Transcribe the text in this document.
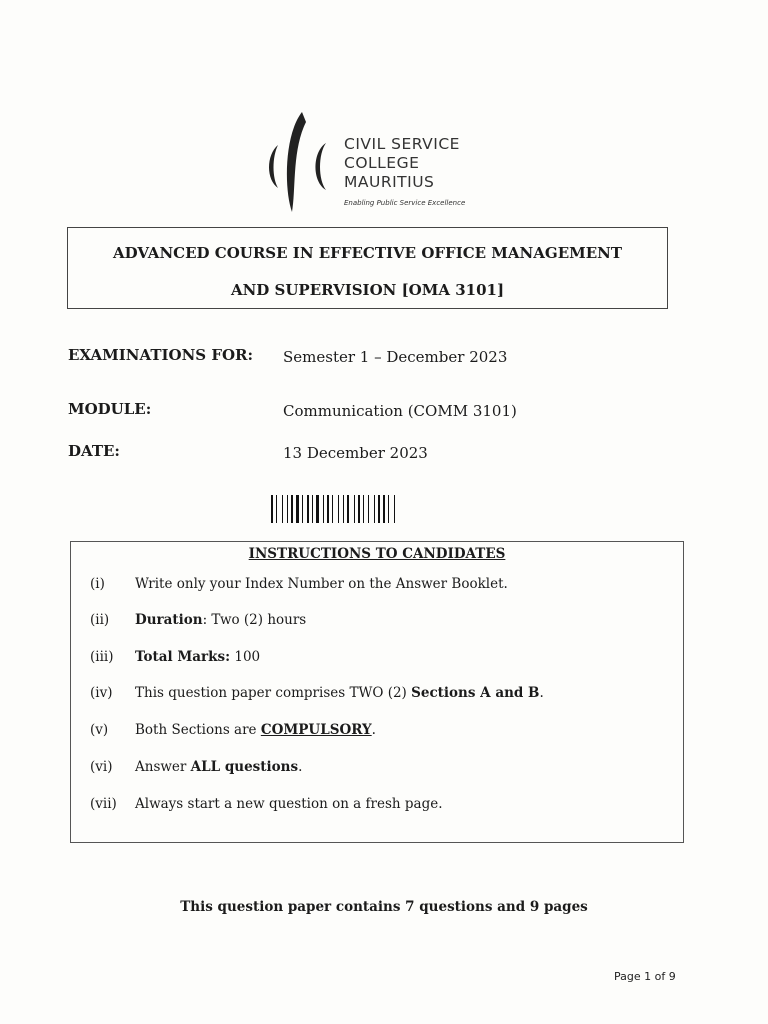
CIVIL SERVICE
COLLEGE
MAURITIUS
Enabling Public Service Excellence
ADVANCED COURSE IN EFFECTIVE OFFICE MANAGEMENT
AND SUPERVISION [OMA 3101]
EXAMINATIONS FOR: Semester 1 – December 2023
MODULE:	Communication (COMM 3101)
DATE:	13 December 2023
INSTRUCTIONS TO CANDIDATES
(i) Write only your Index Number on the Answer Booklet.
(ii) Duration: Two (2) hours
(iii) Total Marks: 100
(iv) This question paper comprises TWO (2) Sections A and B.
(v) Both Sections are COMPULSORY.
(vi) Answer ALL questions.
(vii) Always start a new question on a fresh page.
This question paper contains 7 questions and 9 pages
Page 1 of 9
